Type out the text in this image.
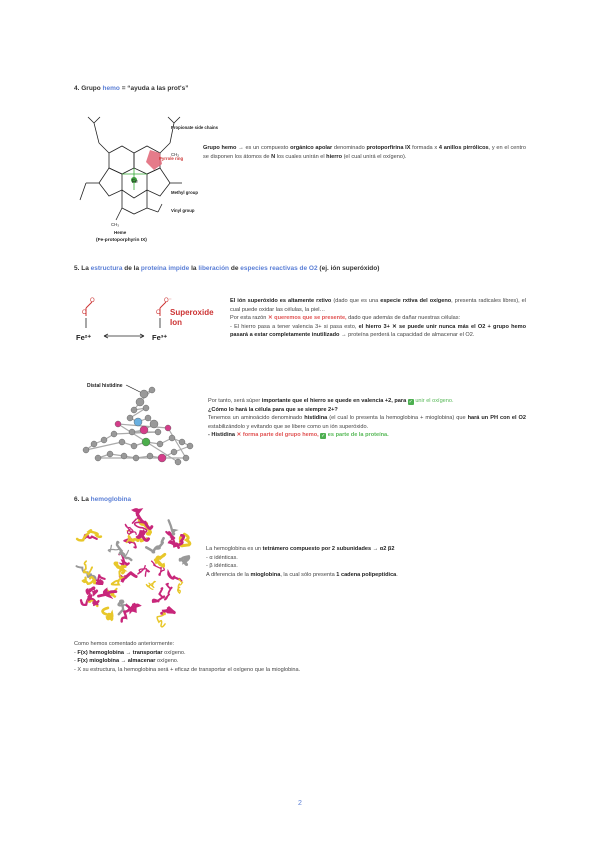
4. Grupo hemo = “ayuda a las prot's”
Fe
Propionate side chains
Pyrrole ring
CH₃
Methyl group
Vinyl group
CH₃
Heme
(Fe-protoporphyrin IX)
Grupo hemo → es un compuesto orgánico apolar denominado protoporfirina IX formada x 4 anillos pirrólicos, y en el centro se disponen los átomos de N los cuales unirán el hierro (el cual unirá el oxígeno).
5. La estructura de la proteína impide la liberación de especies reactivas de O2 (ej. ión superóxido)
O
O
O
O⁻
Fe²⁺	Fe³⁺
Superoxide
Ion
El ión superóxido es altamente rxtivo (dado que es una especie rxtiva del oxígeno, presenta radicales libres), el cual puede oxidar las células, la piel…
Por esta razón ✕ queremos que se presente, dado que además de dañar nuestras células:
- El hierro pasa a tener valencia 3+ si pasa esto, el hierro 3+ ✕ se puede unir nunca más el O2 + grupo hemo pasará a estar completamente inutilizado → proteína perderá la capacidad de almacenar el O2.
Distal histidine
Por tanto, será súper importante que el hierro se quede en valencia +2, para ✓ unir el oxígeno.
¿Cómo lo hará la célula para que se siempre 2+?
Tenemos un aminoácido denominado histidina (el cual lo presenta la hemoglobina + mioglobina) que hará un PH con el O2 estabilizándolo y evitando que se libere como un ión superóxido.
- Histidina ✕ forma parte del grupo hemo, ✓ es parte de la proteína.
6. La hemoglobina
La hemoglobina es un tetrámero compuesto por 2 subunidades → α2 β2
- α idénticas.
- β idénticas.
A diferencia de la mioglobina, la cual sólo presenta 1 cadena polipeptídica.
Como hemos comentado anteriormente:
- F(x) hemoglobina → transportar oxígeno.
- F(x) mioglobina → almacenar oxígeno.
- X su estructura, la hemoglobina será + eficaz de transportar el oxígeno que la mioglobina.
2
